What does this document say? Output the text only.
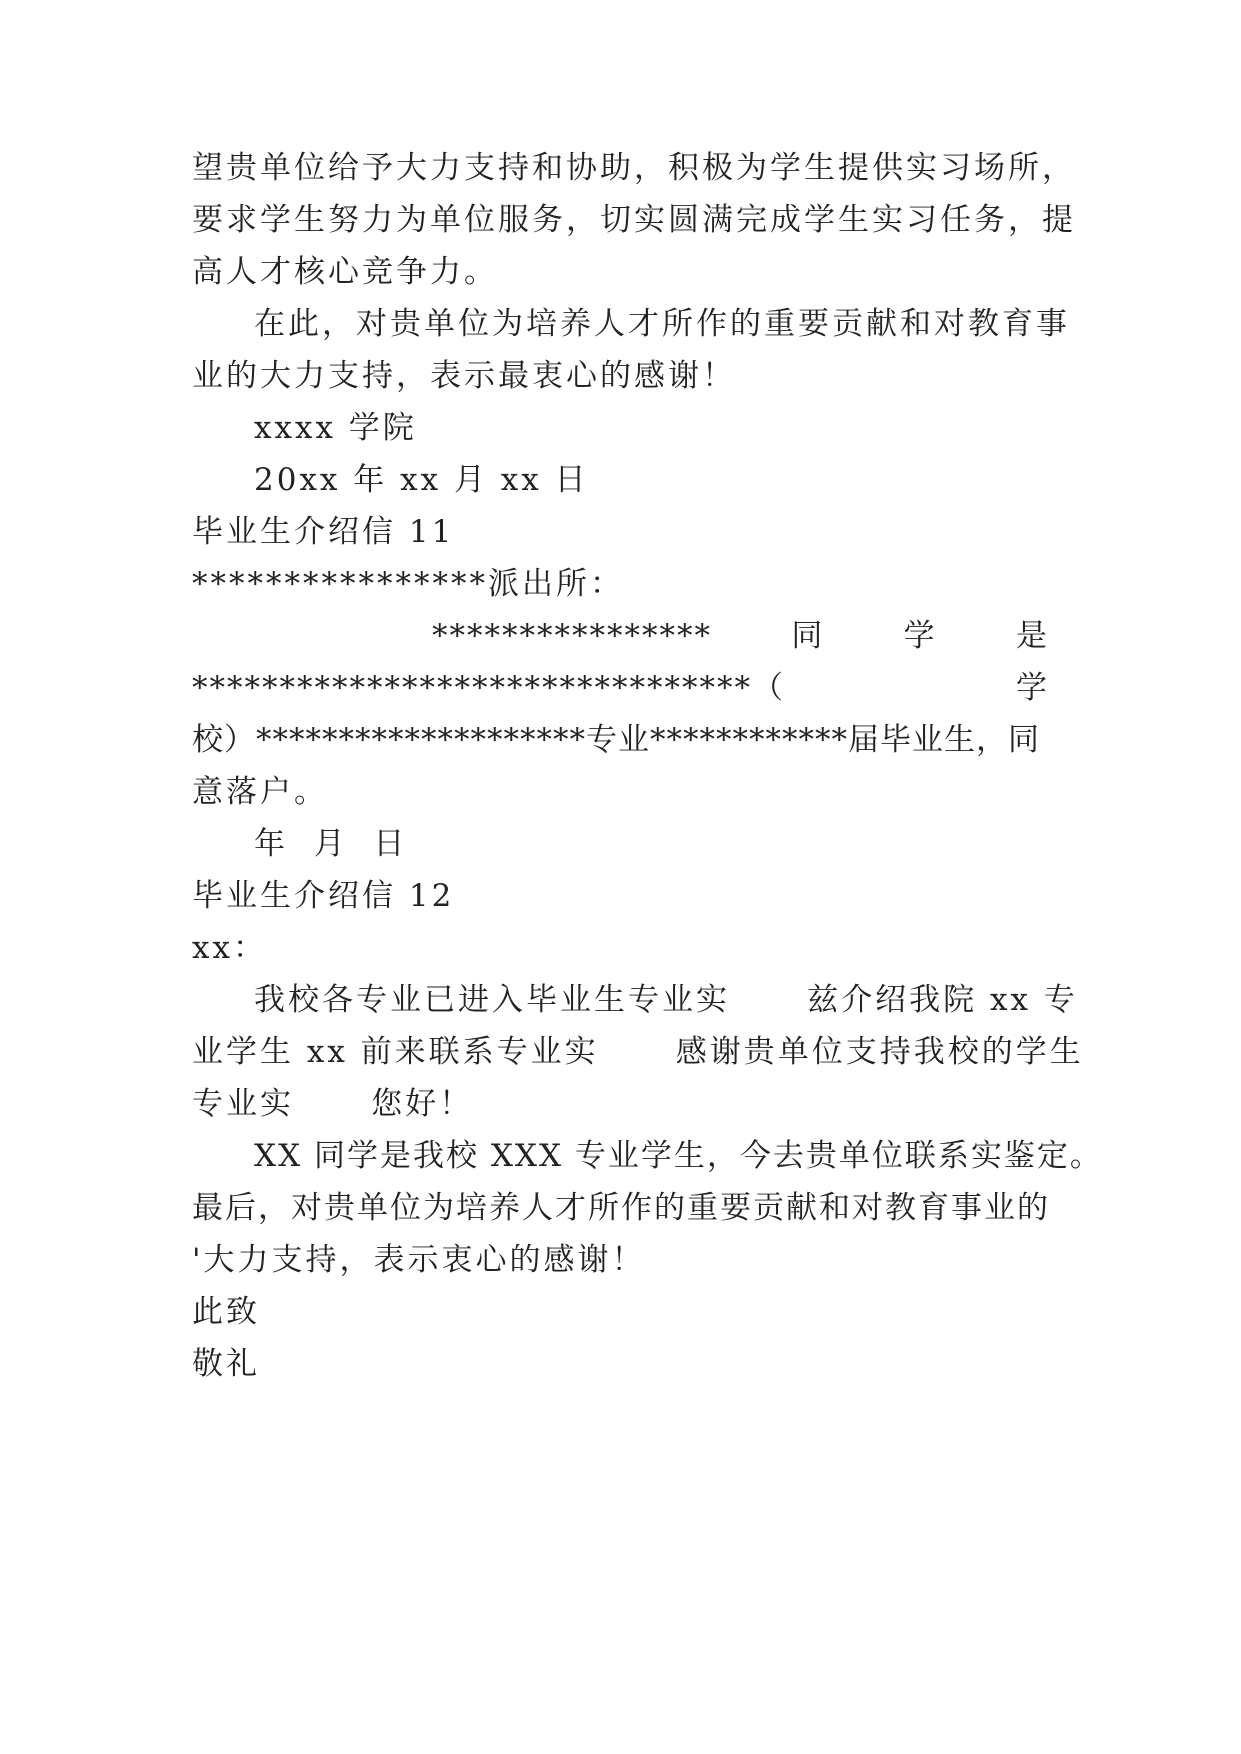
望贵单位给予大力支持和协助，积极为学生提供实习场所，
要求学生努力为单位服务，切实圆满完成学生实习任务，提
高人才核心竞争力。
在此，对贵单位为培养人才所作的重要贡献和对教育事
业的大力支持，表示最衷心的感谢！
xxxx 学院
20xx 年 xx 月 xx 日
毕业生介绍信 11
****************派出所：
****************	同	学	是
********************************（	学
校）********************专业************届毕业生，同
意落户。
年  月  日
毕业生介绍信 12
xx：
我校各专业已进入毕业生专业实      兹介绍我院 xx 专
业学生 xx 前来联系专业实      感谢贵单位支持我校的学生
专业实      您好！
XX 同学是我校 XXX 专业学生，今去贵单位联系实鉴定。
最后，对贵单位为培养人才所作的重要贡献和对教育事业的
'大力支持，表示衷心的感谢！
此致
敬礼
